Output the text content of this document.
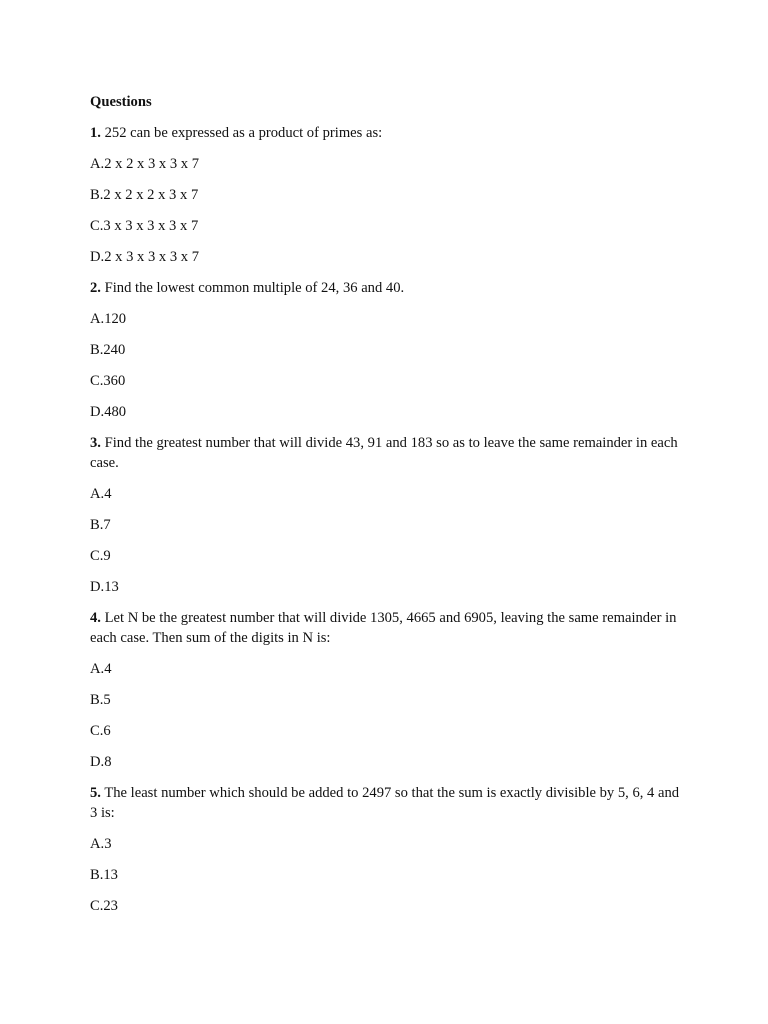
Questions
1. 252 can be expressed as a product of primes as:
A.2 x 2 x 3 x 3 x 7
B.2 x 2 x 2 x 3 x 7
C.3 x 3 x 3 x 3 x 7
D.2 x 3 x 3 x 3 x 7
2. Find the lowest common multiple of 24, 36 and 40.
A.120
B.240
C.360
D.480
3. Find the greatest number that will divide 43, 91 and 183 so as to leave the same remainder in each case.
A.4
B.7
C.9
D.13
4. Let N be the greatest number that will divide 1305, 4665 and 6905, leaving the same remainder in each case. Then sum of the digits in N is:
A.4
B.5
C.6
D.8
5. The least number which should be added to 2497 so that the sum is exactly divisible by 5, 6, 4 and 3 is:
A.3
B.13
C.23
